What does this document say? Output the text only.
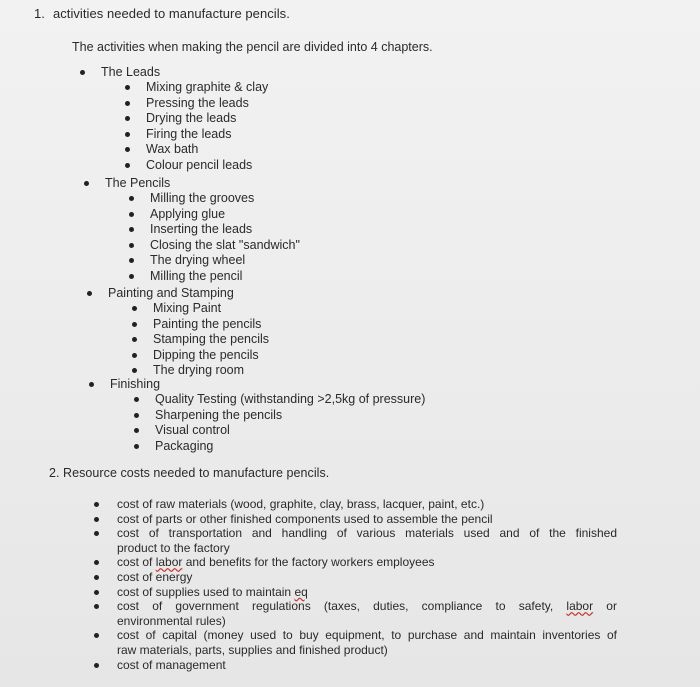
1. activities needed to manufacture pencils.
The activities when making the pencil are divided into 4 chapters.
The Leads
Mixing graphite & clay
Pressing the leads
Drying the leads
Firing the leads
Wax bath
Colour pencil leads
The Pencils
Milling the grooves
Applying glue
Inserting the leads
Closing the slat "sandwich"
The drying wheel
Milling the pencil
Painting and Stamping
Mixing Paint
Painting the pencils
Stamping the pencils
Dipping the pencils
The drying room
Finishing
Quality Testing (withstanding >2,5kg of pressure)
Sharpening the pencils
Visual control
Packaging
2. Resource costs needed to manufacture pencils.
cost of raw materials (wood, graphite, clay, brass, lacquer, paint, etc.)
cost of parts or other finished components used to assemble the pencil
cost of transportation and handling of various materials used and of the finished
product to the factory
cost of labor and benefits for the factory workers employees
cost of energy
cost of supplies used to maintain eq
cost of government regulations (taxes, duties, compliance to safety, labor or
environmental rules)
cost of capital (money used to buy equipment, to purchase and maintain inventories of
raw materials, parts, supplies and finished product)
cost of management
